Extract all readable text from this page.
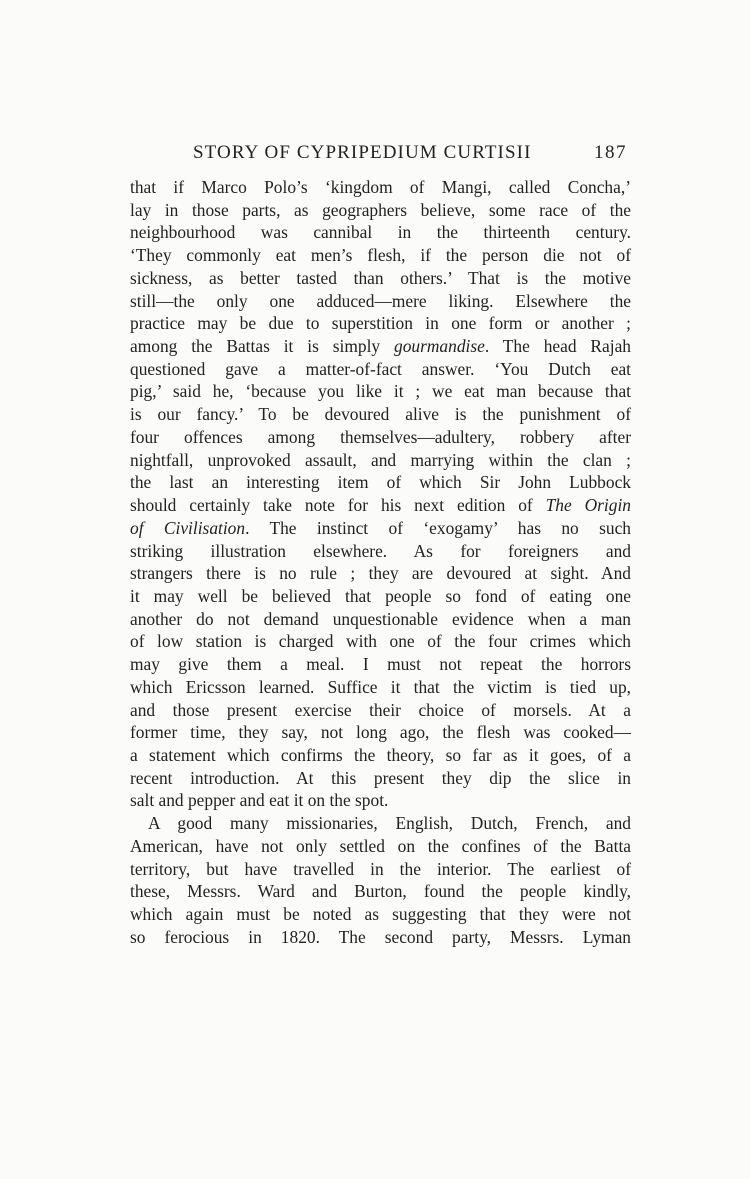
STORY OF CYPRIPEDIUM CURTISII	187
that if Marco Polo’s ‘kingdom of Mangi, called Concha,’
lay in those parts, as geographers believe, some race of the
neighbourhood was cannibal in the thirteenth century.
‘They commonly eat men’s flesh, if the person die not of
sickness, as better tasted than others.’ That is the motive
still—the only one adduced—mere liking. Elsewhere the
practice may be due to superstition in one form or another ;
among the Battas it is simply gourmandise. The head Rajah
questioned gave a matter-of-fact answer. ‘You Dutch eat
pig,’ said he, ‘because you like it ; we eat man because that
is our fancy.’ To be devoured alive is the punishment of
four offences among themselves—adultery, robbery after
nightfall, unprovoked assault, and marrying within the clan ;
the last an interesting item of which Sir John Lubbock
should certainly take note for his next edition of The Origin
of Civilisation. The instinct of ‘exogamy’ has no such
striking illustration elsewhere. As for foreigners and
strangers there is no rule ; they are devoured at sight. And
it may well be believed that people so fond of eating one
another do not demand unquestionable evidence when a man
of low station is charged with one of the four crimes which
may give them a meal. I must not repeat the horrors
which Ericsson learned. Suffice it that the victim is tied up,
and those present exercise their choice of morsels. At a
former time, they say, not long ago, the flesh was cooked—
a statement which confirms the theory, so far as it goes, of a
recent introduction. At this present they dip the slice in
salt and pepper and eat it on the spot.
A good many missionaries, English, Dutch, French, and
American, have not only settled on the confines of the Batta
territory, but have travelled in the interior. The earliest of
these, Messrs. Ward and Burton, found the people kindly,
which again must be noted as suggesting that they were not
so ferocious in 1820. The second party, Messrs. Lyman
